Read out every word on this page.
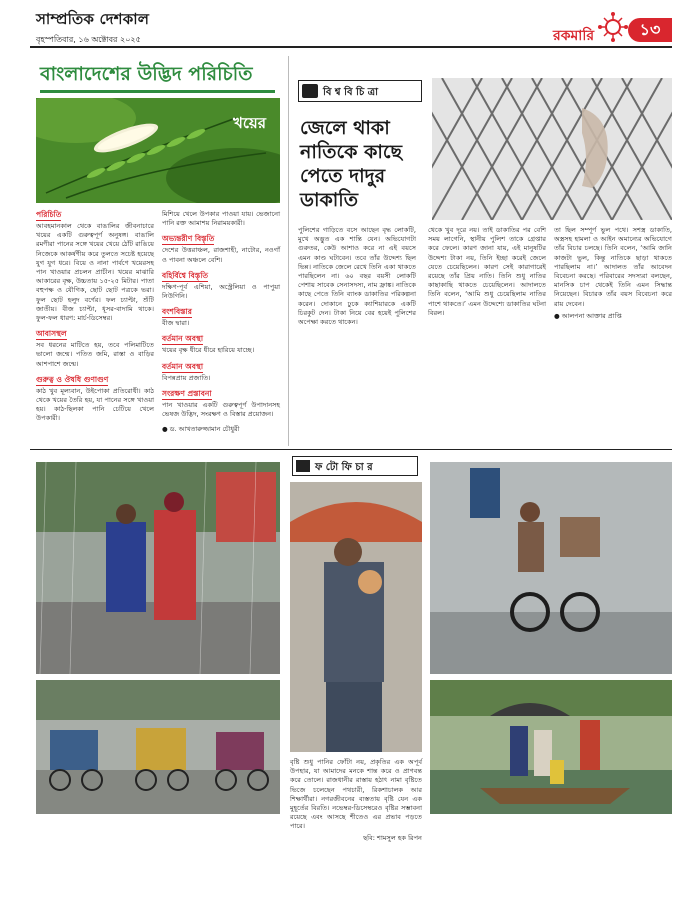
সাম্প্রতিক দেশকাল
বৃহস্পতিবার, ১৬ অক্টোবর ২০২৫	রকমারি	১৩
বাংলাদেশের উদ্ভিদ পরিচিতি
খয়ের
পরিচিতি
আবহমানকাল থেকে বাঙালির জীবনাচারে খয়ের একটি গুরুত্বপূর্ণ অনুষঙ্গ। বাঙালি রমণীরা পানের সঙ্গে খয়ের খেয়ে ঠোঁট রাঙিয়ে নিজেকে আকর্ষণীয় করে তুলতে সচেষ্ট হয়েছে যুগ যুগ ধরে। বিয়ে ও নানা পার্বণে খয়েরসহ পান খাওয়ার প্রচলন প্রাচীন। খয়ের মাঝারি আকারের বৃক্ষ, উচ্চতায় ১৫-২৫ মিটার। পাতা বহুপক্ষ ও যৌগিক, ছোট ছোট পত্রকে ভরা। ফুল ছোট হলুদ বর্ণের। ফল চ্যাপ্টা, শুঁটি জাতীয়। বীজ চ্যাপ্টা, ধূসর-বাদামি থাকে। ফুল-ফল ধারণ: মার্চ-ডিসেম্বর।
আবাসস্থল
সব ধরনের মাটিতে হয়, তবে পলিমাটিতে ভালো জন্মে। পতিত জমি, রাস্তা ও বাড়ির আশপাশে জন্মে।
গুরুত্ব ও ঔষধি গুণাগুণ
কাঠ খুব মূল্যবান, উইপোকা প্রতিরোধী। কাঠ থেকে খয়ের তৈরি হয়, যা পানের সঙ্গে খাওয়া হয়। কাঠ-ছিলকা পানি চেটিয়ে খেলে উপকারী।
মিশিয়ে খেলে উপকার পাওয়া যায়। ভেজানো পানি রক্ত আমাশয় নিরাময়কারী।
অভ্যন্তরীণ বিস্তৃতি
দেশের উত্তরাঞ্চল, রাজশাহী, নাটোর, নওগাঁ ও পাবনা অঞ্চলে বেশি।
বহির্বিশ্বে বিস্তৃতি
দক্ষিণ-পূর্ব এশিয়া, অস্ট্রেলিয়া ও পাপুয়া নিউগিনি।
বংশবিস্তার
বীজ দ্বারা।
বর্তমান অবস্থা
খয়ের বৃক্ষ ধীরে ধীরে হারিয়ে যাচ্ছে।
বর্তমান অবস্থা
বিপন্নপ্রায় প্রজাতি।
সংরক্ষণ প্রস্তাবনা
পান খাওয়ার একটি গুরুত্বপূর্ণ উপাদানসহ ভেষজ উদ্ভিদ, সংরক্ষণ ও বিস্তার প্রয়োজন।
● ড. আখতারুজ্জামান চৌধুরী
বি শ্ব বি চি ত্রা
জেলে থাকা নাতিকে কাছে পেতে দাদুর ডাকাতি
পুলিশের গাড়িতে বসে আছেন বৃদ্ধ লোকটি, মুখে অদ্ভুত এক শান্তি যেন। অভিযোগটা গুরুতর, কেউ আশাও করে না এই বয়সে এমন কাণ্ড ঘটাবেন। তবে তাঁর উদ্দেশ্য ছিল ভিন্ন। নাতিকে জেলে রেখে তিনি একা থাকতে পারছিলেন না। ৬০ বছর বয়সী লোকটি পেশায় সাবেক সেনাসদস্য, নাম ফ্রাঙ্ক। নাতিকে কাছে পেতে তিনি ব্যাংক ডাকাতির পরিকল্পনা করেন। দোকানে ঢুকে ক্যাশিয়ারকে একটি চিরকুট দেন। টাকা নিয়ে বের হয়েই পুলিশের অপেক্ষা করতে থাকেন।
থেকে খুব দূরে নয়। তাই ডাকাতির পর বেশি সময় লাগেনি, স্থানীয় পুলিশ তাকে গ্রেপ্তার করে ফেলে। কারণ জানা যায়, এই মানুষটির উদ্দেশ্য টাকা নয়, তিনি ইচ্ছা করেই জেলে যেতে চেয়েছিলেন। কারণ সেই কারাগারেই রয়েছে তাঁর প্রিয় নাতি। তিনি শুধু নাতির কাছাকাছি থাকতে চেয়েছিলেন। আদালতে তিনি বলেন, ‘আমি শুধু চেয়েছিলাম নাতির পাশে থাকতে।’ এমন উদ্দেশ্যে ডাকাতির ঘটনা বিরল।
তা ছিল সম্পূর্ণ ভুল পথে। সশস্ত্র ডাকাতি, অস্ত্রসহ হামলা ও আইন অমান্যের অভিযোগে তাঁর বিচার চলছে। তিনি বলেন, ‘আমি জানি কাজটা ভুল, কিন্তু নাতিকে ছাড়া থাকতে পারছিলাম না।’ আদালত তাঁর আবেদন বিবেচনা করছে। পরিবারের সদস্যরা বলছেন, মানসিক চাপ থেকেই তিনি এমন সিদ্ধান্ত নিয়েছেন। বিচারক তাঁর বয়স বিবেচনা করে রায় দেবেন।
● আলপনা আক্তার প্রাপ্তি
ফ টো ফি চা র
বৃষ্টি শুধু পানির ফোঁটা নয়, প্রকৃতির এক অপূর্ব উপহার, যা আমাদের মনকে শান্ত করে ও প্রাণবন্ত করে তোলে। রাজধানীর রাস্তায় হঠাৎ নামা বৃষ্টিতে ভিজে চলেছেন পথচারী, রিকশাচালক আর শিক্ষার্থীরা। নগরজীবনের ব্যস্ততায় বৃষ্টি যেন এক মুহূর্তের বিরতি। নভেম্বর-ডিসেম্বরেও বৃষ্টির সম্ভাবনা রয়েছে এবং আসছে শীতেও এর প্রভাব পড়তে পারে।
ছবি: শামসুল হক রিপন
